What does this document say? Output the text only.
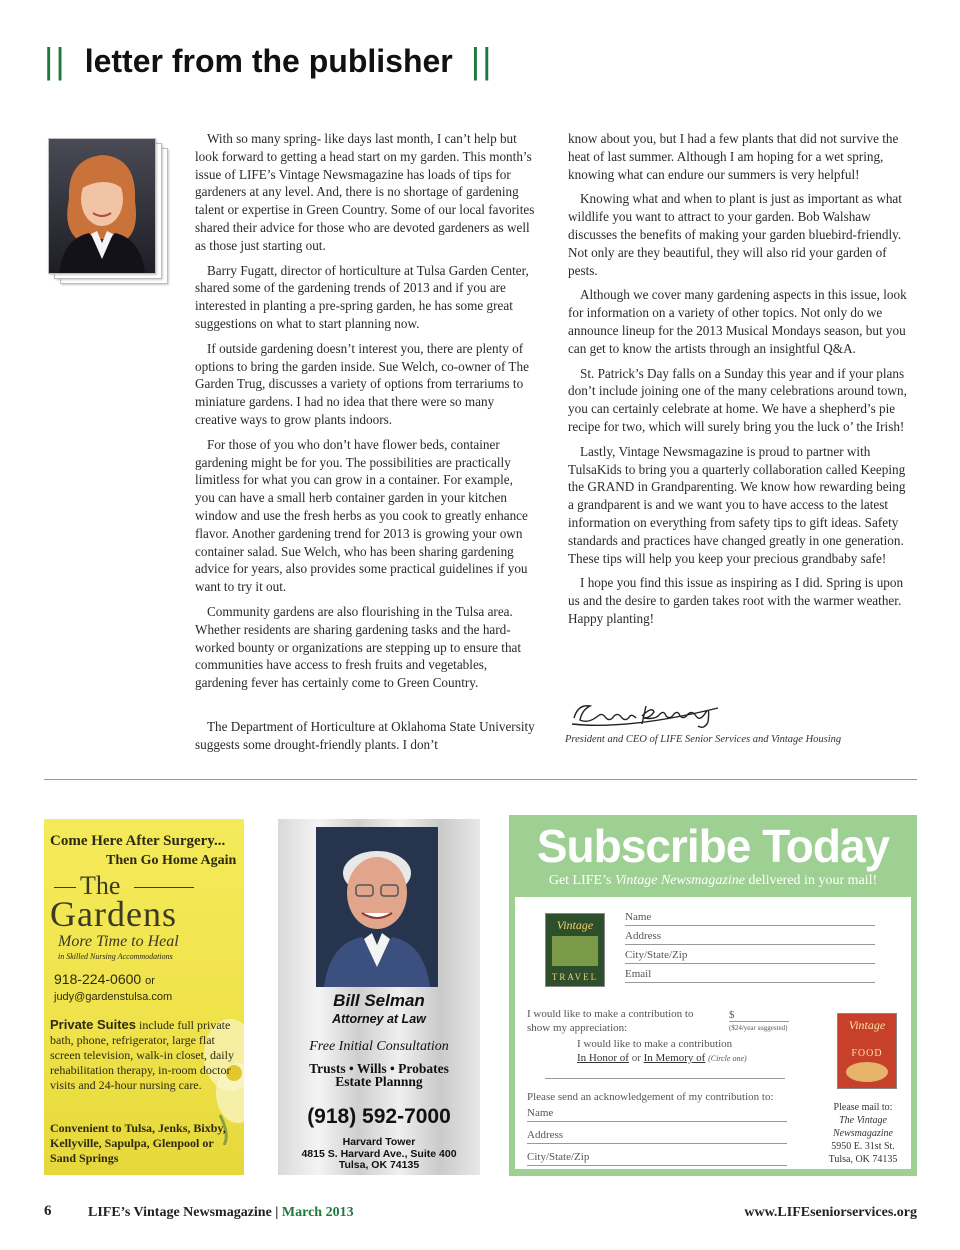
|| letter from the publisher ||

With so many spring- like days last month, I can’t help but look forward to getting a head start on my garden. This month’s issue of LIFE’s Vintage Newsmagazine has loads of tips for gardeners at any level. And, there is no shortage of gardening talent or expertise in Green Country. Some of our local favorites shared their advice for those who are devoted gardeners as well as those just starting out.

Barry Fugatt, director of horticulture at Tulsa Garden Center, shared some of the gardening trends of 2013 and if you are interested in planting a pre-spring garden, he has some great suggestions on what to start planning now.

If outside gardening doesn’t interest you, there are plenty of options to bring the garden inside. Sue Welch, co-owner of The Garden Trug, discusses a variety of options from terrariums to miniature gardens. I had no idea that there were so many creative ways to grow plants indoors.

For those of you who don’t have flower beds, container gardening might be for you. The possibilities are practically limitless for what you can grow in a container. For example, you can have a small herb container garden in your kitchen window and use the fresh herbs as you cook to greatly enhance flavor. Another gardening trend for 2013 is growing your own container salad. Sue Welch, who has been sharing gardening advice for years, also provides some practical guidelines if you want to try it out.

Community gardens are also flourishing in the Tulsa area. Whether residents are sharing gardening tasks and the hard-worked bounty or organizations are stepping up to ensure that communities have access to fresh fruits and vegetables, gardening fever has certainly come to Green Country.

The Department of Horticulture at Oklahoma State University suggests some drought-friendly plants. I don’t

know about you, but I had a few plants that did not survive the heat of last summer. Although I am hoping for a wet spring, knowing what can endure our summers is very helpful!

Knowing what and when to plant is just as important as what wildlife you want to attract to your garden. Bob Walshaw discusses the benefits of making your garden bluebird-friendly. Not only are they beautiful, they will also rid your garden of pests.

Although we cover many gardening aspects in this issue, look for information on a variety of other topics. Not only do we announce lineup for the 2013 Musical Mondays season, but you can get to know the artists through an insightful Q&A.

St. Patrick’s Day falls on a Sunday this year and if your plans don’t include joining one of the many celebrations around town, you can certainly celebrate at home. We have a shepherd’s pie recipe for two, which will surely bring you the luck o’ the Irish!

Lastly, Vintage Newsmagazine is proud to partner with TulsaKids to bring you a quarterly collaboration called Keeping the GRAND in Grandparenting. We know how rewarding being a grandparent is and we want you to have access to the latest information on everything from safety tips to gift ideas. Safety standards and practices have changed greatly in one generation. These tips will help you keep your precious grandbaby safe!

I hope you find this issue as inspiring as I did. Spring is upon us and the desire to garden takes root with the warmer weather. Happy planting!

President and CEO of LIFE Senior Services and Vintage Housing
Come Here After Surgery...
Then Go Home Again
The
Gardens
More Time to Heal
in Skilled Nursing Accommodations
918-224-0600 or
judy@gardenstulsa.com
Private Suites include full private bath, phone, refrigerator, large flat screen television, walk-in closet, daily rehabilitation therapy, in-room doctor visits and 24-hour nursing care.
Convenient to Tulsa, Jenks, Bixby, Kellyville, Sapulpa, Glenpool or Sand Springs
Bill Selman
Attorney at Law
Free Initial Consultation
Trusts • Wills • Probates
Estate Plannng
(918) 592-7000
Harvard Tower
4815 S. Harvard Ave., Suite 400
Tulsa, OK 74135
Subscribe Today
Get LIFE’s Vintage Newsmagazine delivered in your mail!
Vintage
TRAVEL
Name
Address
City/State/Zip
Email
I would like to make a contribution to show my appreciation:
$
($24/year suggested)
I would like to make a contribution
In Honor of or In Memory of (Circle one)
Please send an acknowledgement of my contribution to:
Name
Address
City/State/Zip
Vintage
FOOD
Please mail to:
The Vintage
Newsmagazine
5950 E. 31st St.
Tulsa, OK 74135
6	LIFE’s Vintage Newsmagazine | March 2013	www.LIFEseniorservices.org
